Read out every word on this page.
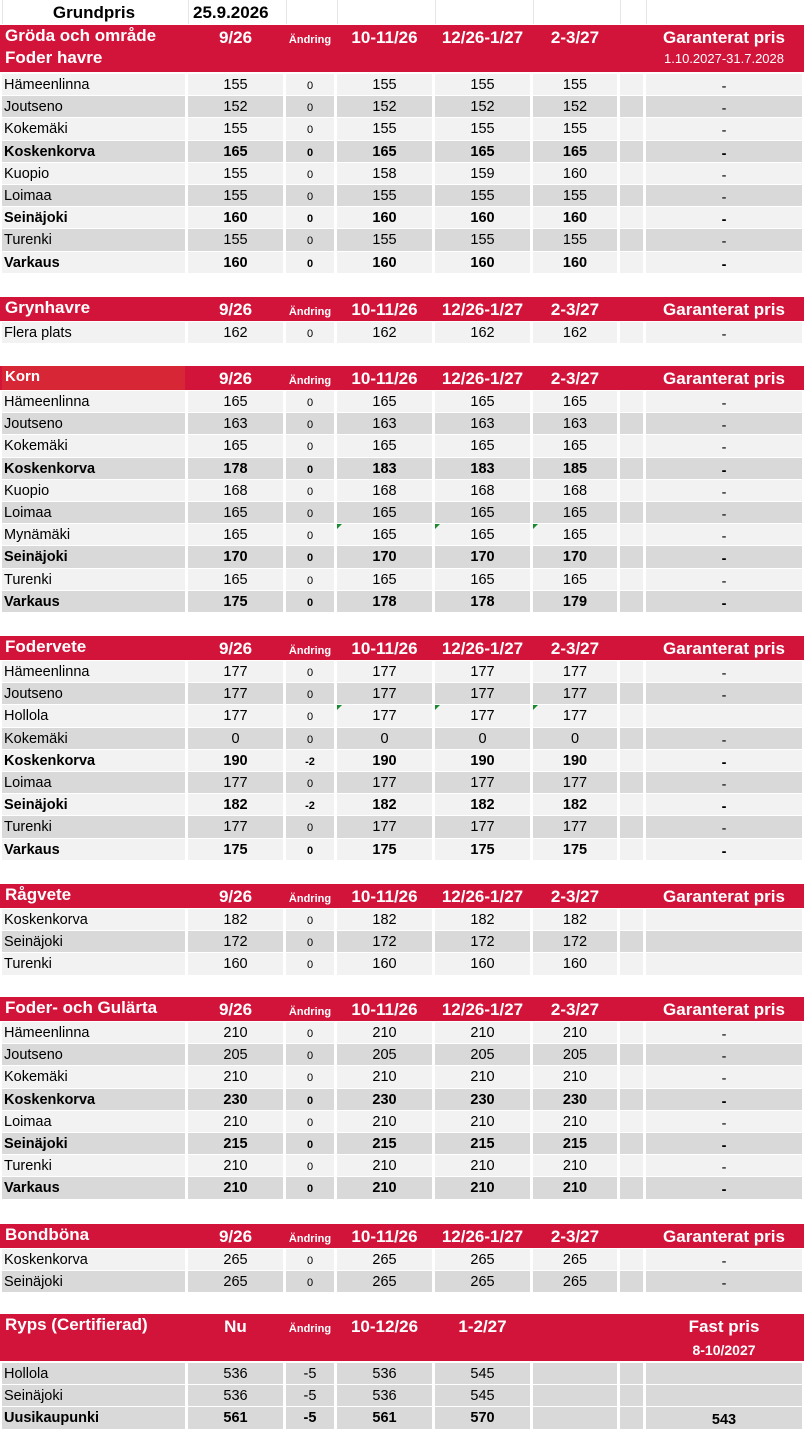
Grundpris	25.9.2026
Gröda och område
Foder havre
9/26	Ändring	10-11/26	12/26-1/27	2-3/27	Garanterat pris
1.10.2027-31.7.2028
Hämeenlinna	155	0	155	155	155	-
Joutseno	152	0	152	152	152	-
Kokemäki	155	0	155	155	155	-
Koskenkorva	165	0	165	165	165	-
Kuopio	155	0	158	159	160	-
Loimaa	155	0	155	155	155	-
Seinäjoki	160	0	160	160	160	-
Turenki	155	0	155	155	155	-
Varkaus	160	0	160	160	160	-
Grynhavre	9/26	Ändring	10-11/26	12/26-1/27	2-3/27	Garanterat pris
Flera plats	162	0	162	162	162	-
Korn	9/26	Ändring	10-11/26	12/26-1/27	2-3/27	Garanterat pris
Hämeenlinna	165	0	165	165	165	-
Joutseno	163	0	163	163	163	-
Kokemäki	165	0	165	165	165	-
Koskenkorva	178	0	183	183	185	-
Kuopio	168	0	168	168	168	-
Loimaa	165	0	165	165	165	-
Mynämäki	165	0	165	165	165	-
Seinäjoki	170	0	170	170	170	-
Turenki	165	0	165	165	165	-
Varkaus	175	0	178	178	179	-
Fodervete	9/26	Ändring	10-11/26	12/26-1/27	2-3/27	Garanterat pris
Hämeenlinna	177	0	177	177	177	-
Joutseno	177	0	177	177	177	-
Hollola	177	0	177	177	177
Kokemäki	0	0	0	0	0	-
Koskenkorva	190	-2	190	190	190	-
Loimaa	177	0	177	177	177	-
Seinäjoki	182	-2	182	182	182	-
Turenki	177	0	177	177	177	-
Varkaus	175	0	175	175	175	-
Rågvete	9/26	Ändring	10-11/26	12/26-1/27	2-3/27	Garanterat pris
Koskenkorva	182	0	182	182	182
Seinäjoki	172	0	172	172	172
Turenki	160	0	160	160	160
Foder- och Gulärta	9/26	Ändring	10-11/26	12/26-1/27	2-3/27	Garanterat pris
Hämeenlinna	210	0	210	210	210	-
Joutseno	205	0	205	205	205	-
Kokemäki	210	0	210	210	210	-
Koskenkorva	230	0	230	230	230	-
Loimaa	210	0	210	210	210	-
Seinäjoki	215	0	215	215	215	-
Turenki	210	0	210	210	210	-
Varkaus	210	0	210	210	210	-
Bondböna	9/26	Ändring	10-11/26	12/26-1/27	2-3/27	Garanterat pris
Koskenkorva	265	0	265	265	265	-
Seinäjoki	265	0	265	265	265	-
Ryps (Certifierad)	Nu	Ändring	10-12/26	1-2/27	Fast pris
8-10/2027
Hollola	536	-5	536	545
Seinäjoki	536	-5	536	545
Uusikaupunki	561	-5	561	570	543
